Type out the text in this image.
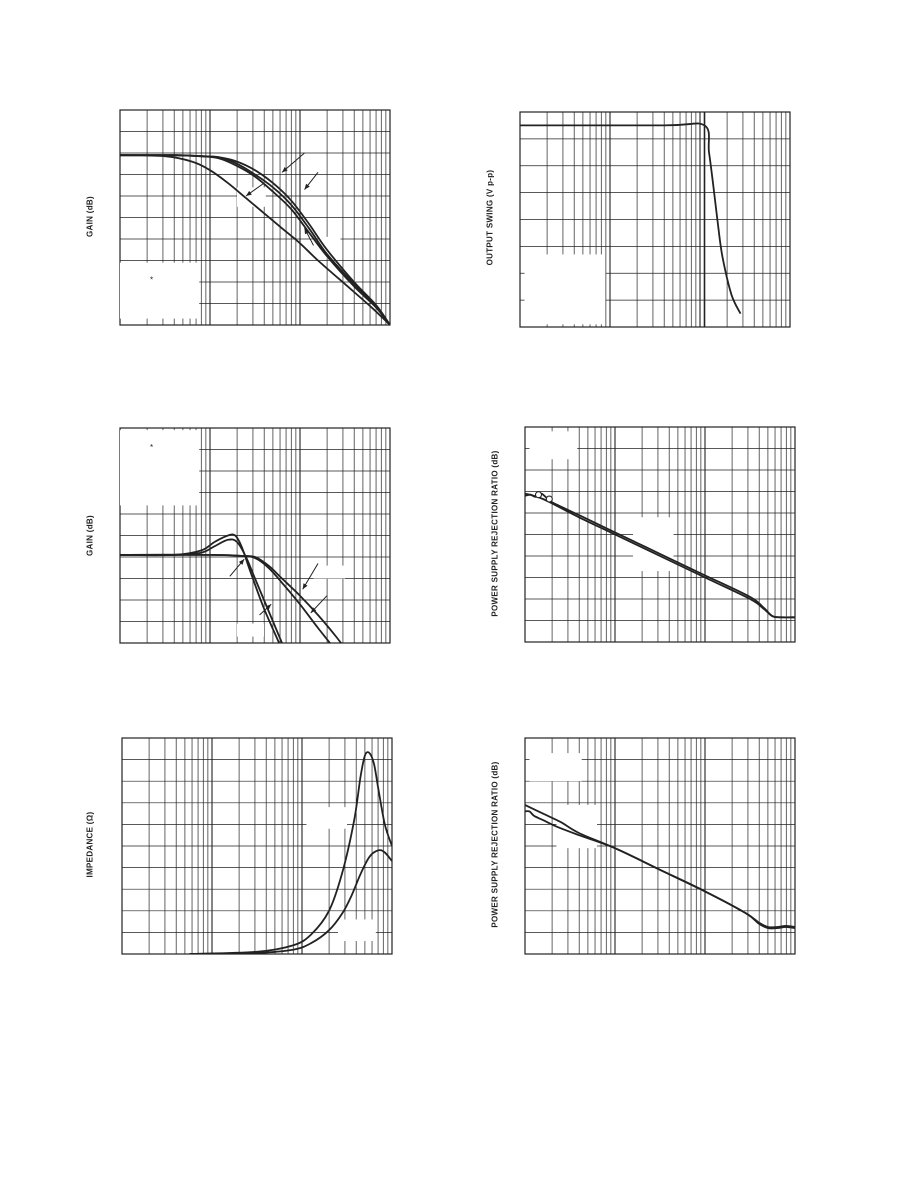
GAIN (dB)	OUTPUT SWING (V p-p)
GAIN (dB)	POWER SUPPLY REJECTION RATIO (dB)
IMPEDANCE (Ω)	POWER SUPPLY REJECTION RATIO (dB)
*
*
